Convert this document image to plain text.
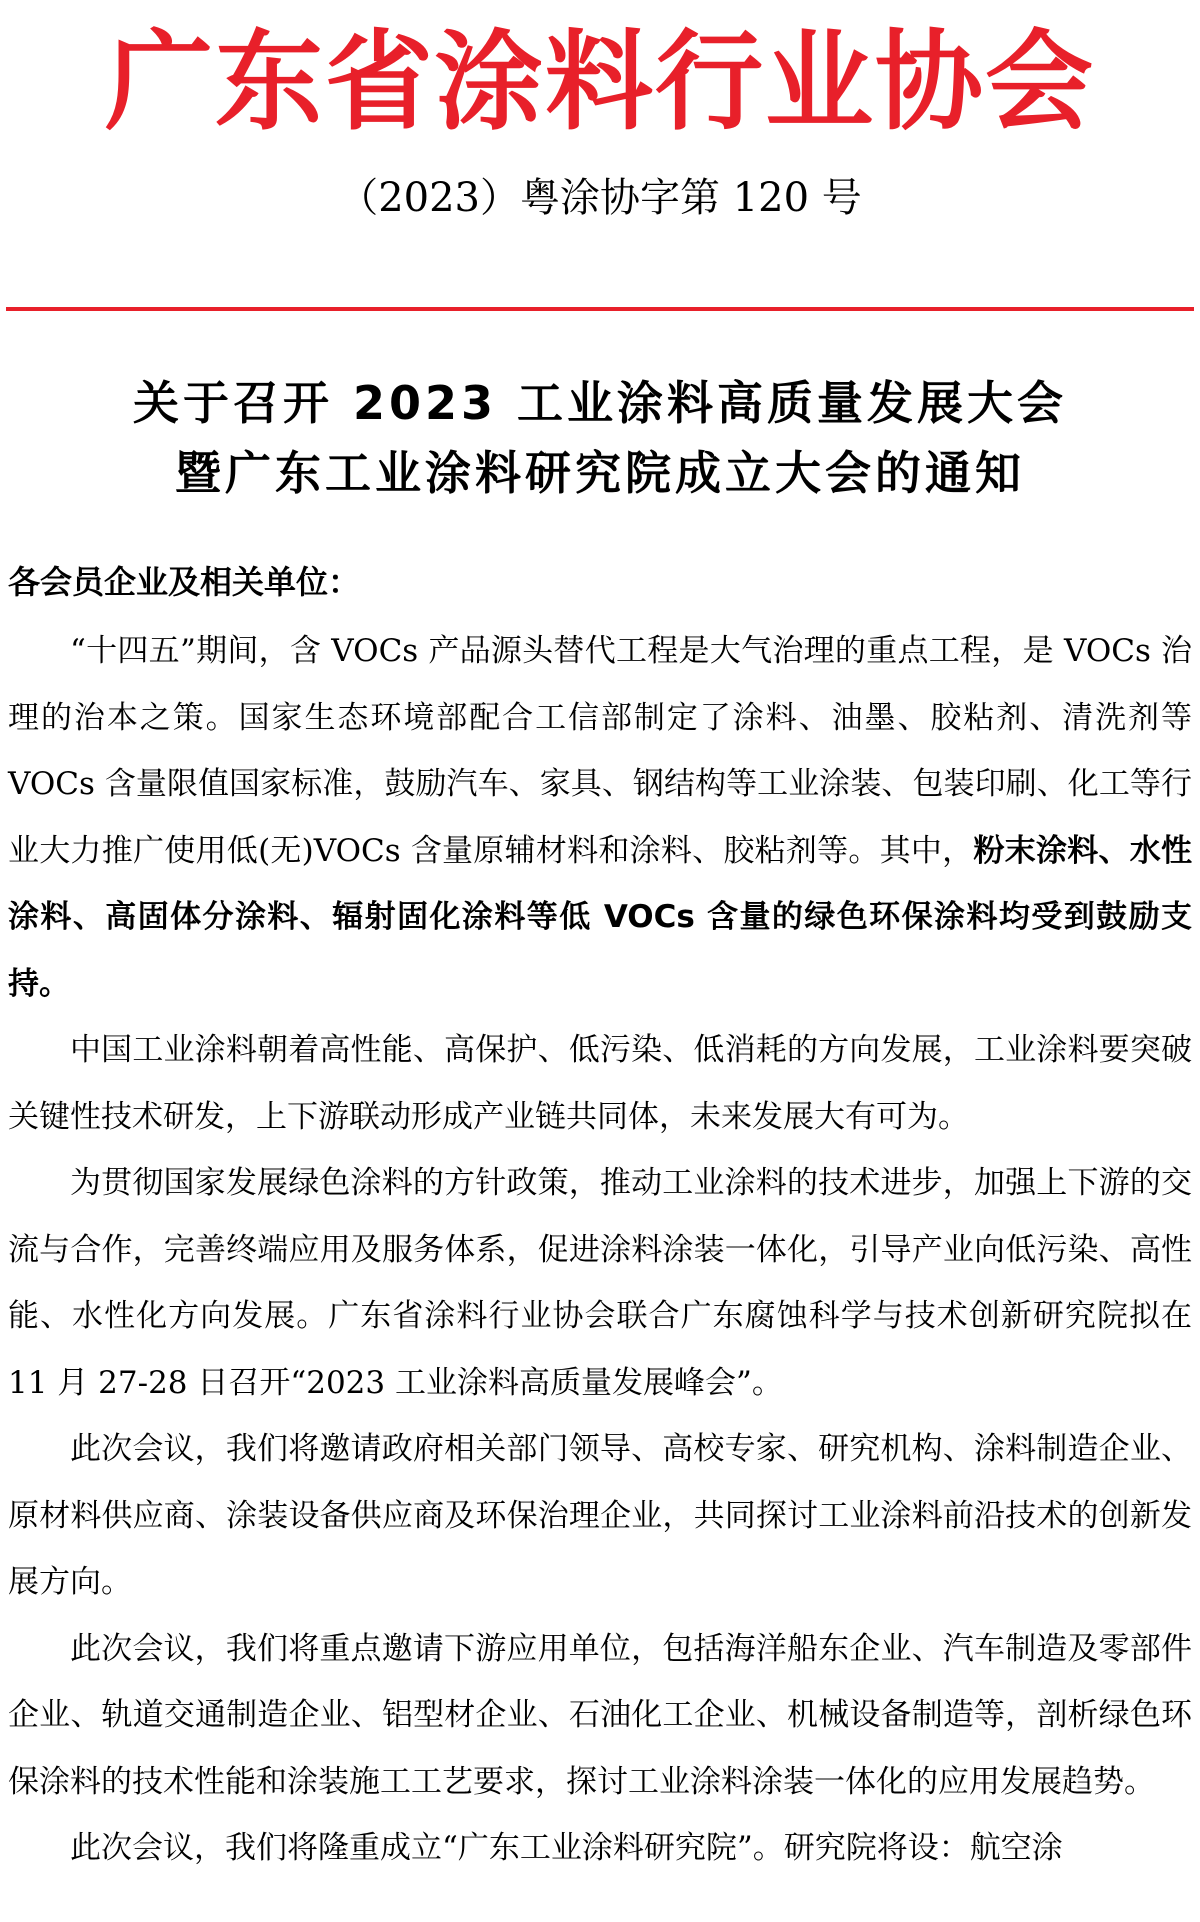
广东省涂料行业协会
（2023）粤涂协字第 120 号
关于召开 2023 工业涂料高质量发展大会
暨广东工业涂料研究院成立大会的通知
各会员企业及相关单位：

“十四五”期间，含 VOCs 产品源头替代工程是大气治理的重点工程，是 VOCs 治理的治本之策。国家生态环境部配合工信部制定了涂料、油墨、胶粘剂、清洗剂等 VOCs 含量限值国家标准，鼓励汽车、家具、钢结构等工业涂装、包装印刷、化工等行业大力推广使用低(无)VOCs 含量原辅材料和涂料、胶粘剂等。其中，粉末涂料、水性涂料、高固体分涂料、辐射固化涂料等低 VOCs 含量的绿色环保涂料均受到鼓励支持。

中国工业涂料朝着高性能、高保护、低污染、低消耗的方向发展，工业涂料要突破关键性技术研发，上下游联动形成产业链共同体，未来发展大有可为。

为贯彻国家发展绿色涂料的方针政策，推动工业涂料的技术进步，加强上下游的交流与合作，完善终端应用及服务体系，促进涂料涂装一体化，引导产业向低污染、高性能、水性化方向发展。广东省涂料行业协会联合广东腐蚀科学与技术创新研究院拟在 11 月 27-28 日召开“2023 工业涂料高质量发展峰会”。

此次会议，我们将邀请政府相关部门领导、高校专家、研究机构、涂料制造企业、原材料供应商、涂装设备供应商及环保治理企业，共同探讨工业涂料前沿技术的创新发展方向。

此次会议，我们将重点邀请下游应用单位，包括海洋船东企业、汽车制造及零部件企业、轨道交通制造企业、铝型材企业、石油化工企业、机械设备制造等，剖析绿色环保涂料的技术性能和涂装施工工艺要求，探讨工业涂料涂装一体化的应用发展趋势。

此次会议，我们将隆重成立“广东工业涂料研究院”。研究院将设：航空涂
